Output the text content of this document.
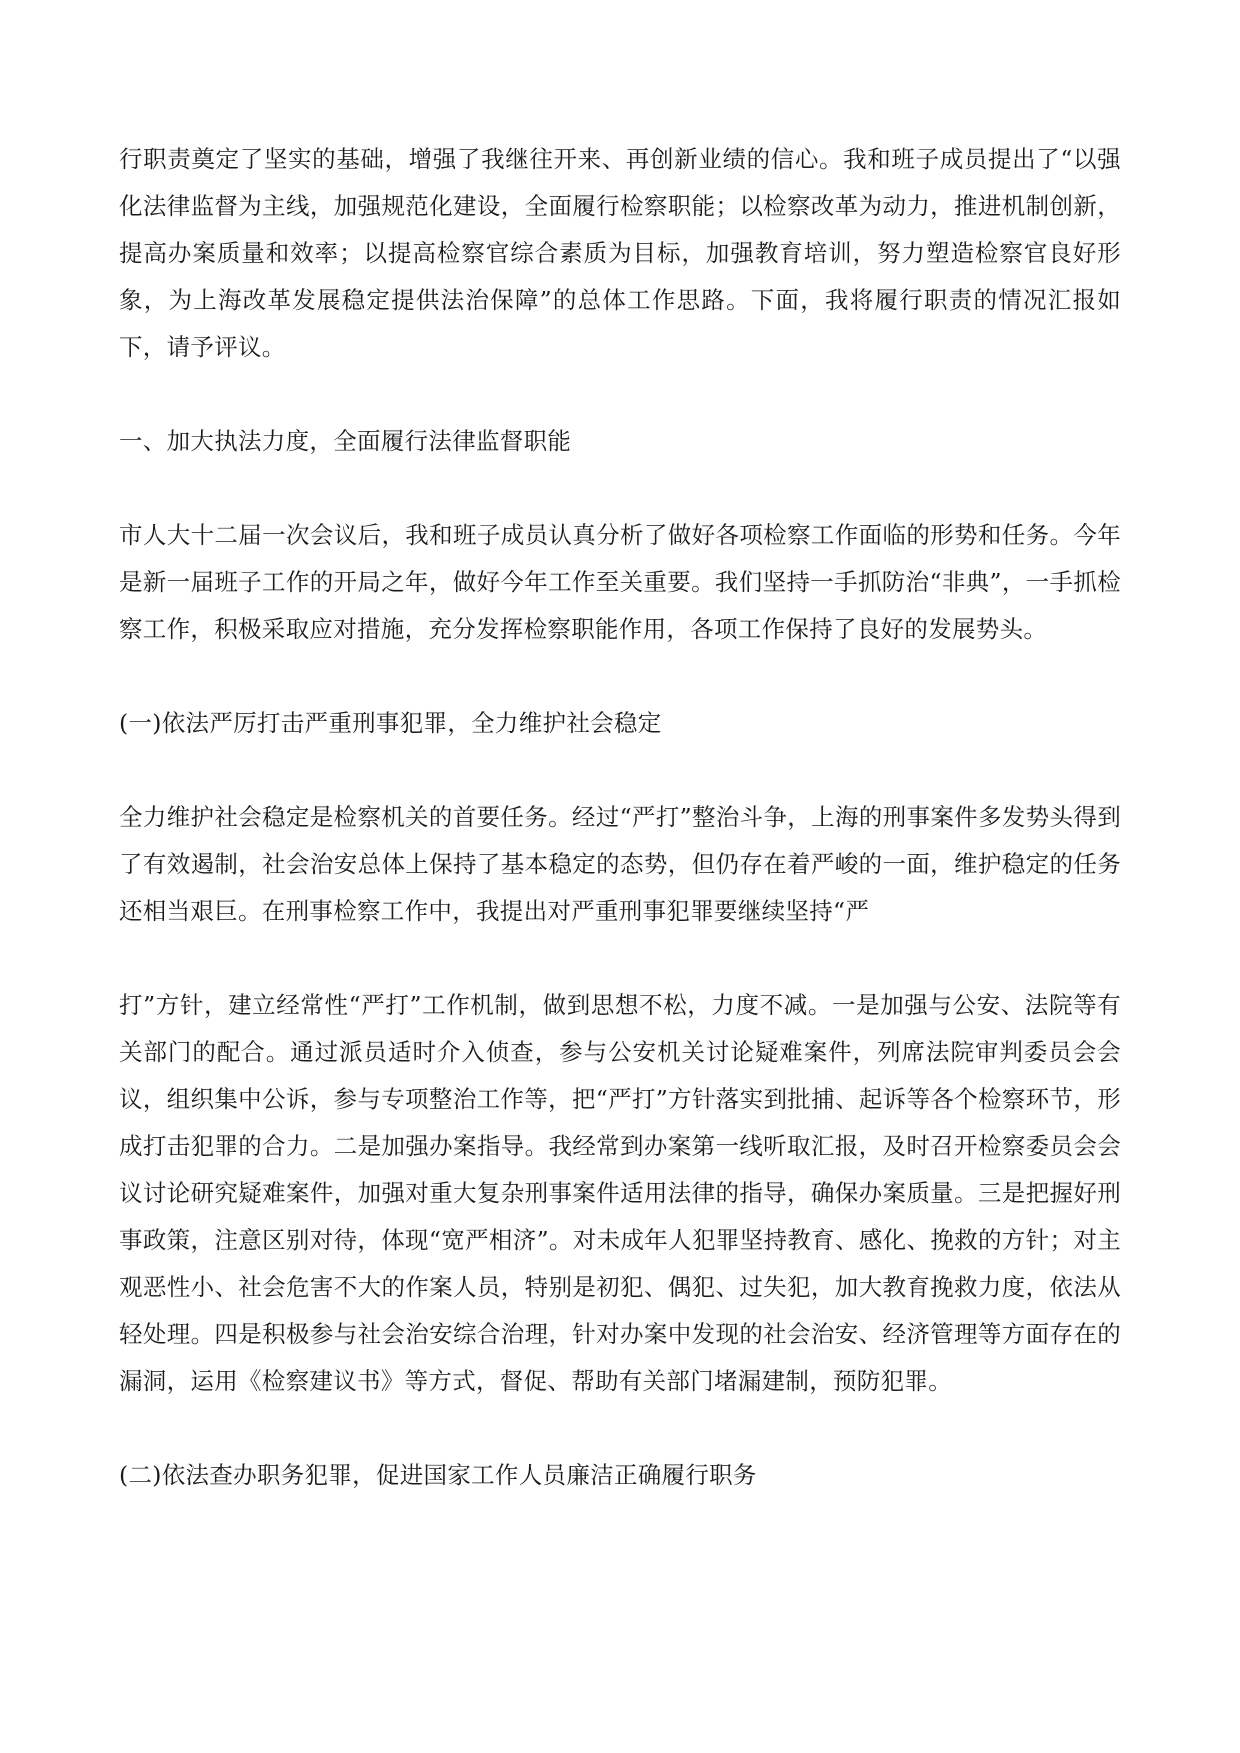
行职责奠定了坚实的基础，增强了我继往开来、再创新业绩的信心。我和班子成员提出了“以强化法律监督为主线，加强规范化建设，全面履行检察职能；以检察改革为动力，推进机制创新，提高办案质量和效率；以提高检察官综合素质为目标，加强教育培训，努力塑造检察官良好形象，为上海改革发展稳定提供法治保障”的总体工作思路。下面，我将履行职责的情况汇报如下，请予评议。

一、加大执法力度，全面履行法律监督职能

市人大十二届一次会议后，我和班子成员认真分析了做好各项检察工作面临的形势和任务。今年是新一届班子工作的开局之年，做好今年工作至关重要。我们坚持一手抓防治“非典”，一手抓检察工作，积极采取应对措施，充分发挥检察职能作用，各项工作保持了良好的发展势头。

(一)依法严厉打击严重刑事犯罪，全力维护社会稳定

全力维护社会稳定是检察机关的首要任务。经过“严打”整治斗争，上海的刑事案件多发势头得到了有效遏制，社会治安总体上保持了基本稳定的态势，但仍存在着严峻的一面，维护稳定的任务还相当艰巨。在刑事检察工作中，我提出对严重刑事犯罪要继续坚持“严

打”方针，建立经常性“严打”工作机制，做到思想不松，力度不减。一是加强与公安、法院等有关部门的配合。通过派员适时介入侦查，参与公安机关讨论疑难案件，列席法院审判委员会会议，组织集中公诉，参与专项整治工作等，把“严打”方针落实到批捕、起诉等各个检察环节，形成打击犯罪的合力。二是加强办案指导。我经常到办案第一线听取汇报，及时召开检察委员会会议讨论研究疑难案件，加强对重大复杂刑事案件适用法律的指导，确保办案质量。三是把握好刑事政策，注意区别对待，体现“宽严相济”。对未成年人犯罪坚持教育、感化、挽救的方针；对主观恶性小、社会危害不大的作案人员，特别是初犯、偶犯、过失犯，加大教育挽救力度，依法从轻处理。四是积极参与社会治安综合治理，针对办案中发现的社会治安、经济管理等方面存在的漏洞，运用《检察建议书》等方式，督促、帮助有关部门堵漏建制，预防犯罪。

(二)依法查办职务犯罪，促进国家工作人员廉洁正确履行职务
